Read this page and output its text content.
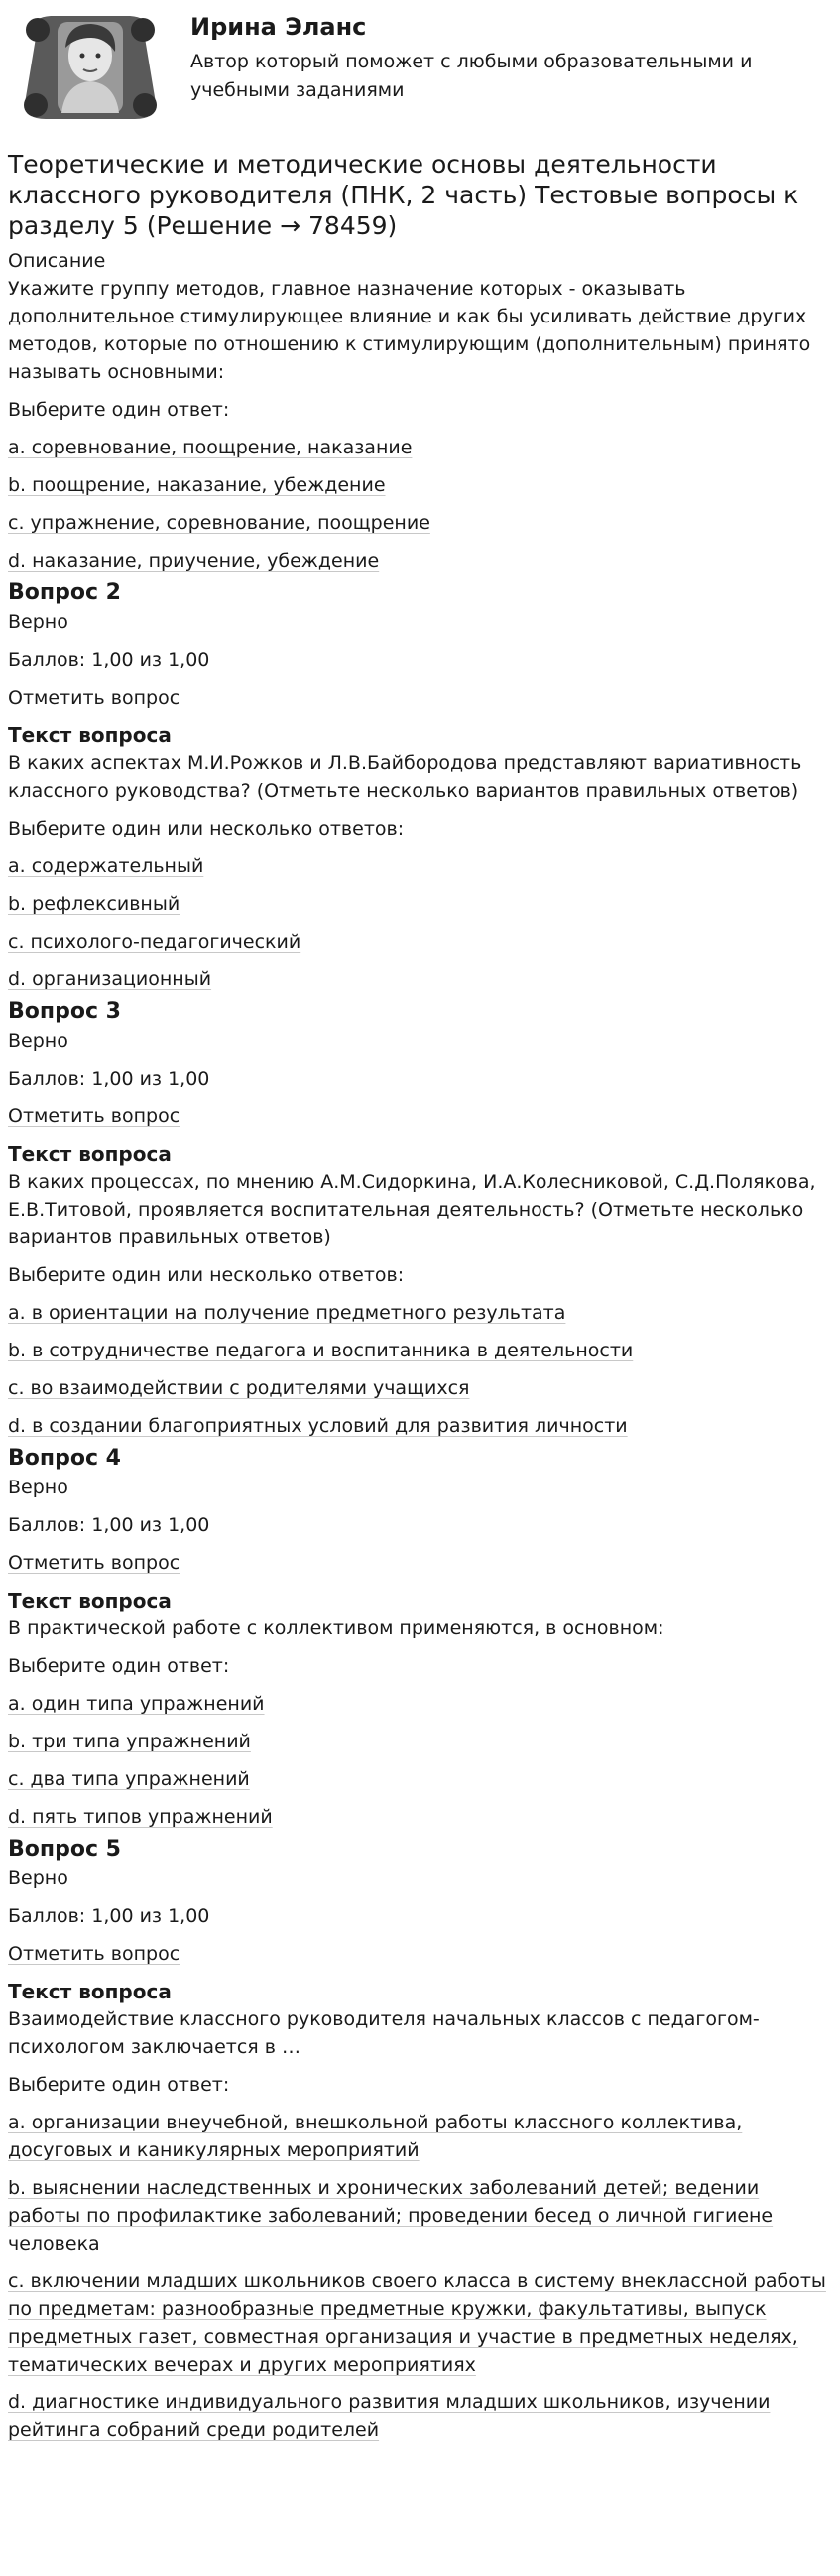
Ирина Эланс
Автор который поможет с любыми образовательными и учебными заданиями
Теоретические и методические основы деятельности классного руководителя (ПНК, 2 часть) Тестовые вопросы к разделу 5 (Решение → 78459)
Описание
Укажите группу методов, главное назначение которых - оказывать дополнительное стимулирующее влияние и как бы усиливать действие других методов, которые по отношению к стимулирующим (дополнительным) принято называть основными:
Выберите один ответ:
a. соревнование, поощрение, наказание
b. поощрение, наказание, убеждение
c. упражнение, соревнование, поощрение
d. наказание, приучение, убеждение
Вопрос 2
Верно
Баллов: 1,00 из 1,00
Отметить вопрос
Текст вопроса
В каких аспектах М.И.Рожков и Л.В.Байбородова представляют вариативность классного руководства? (Отметьте несколько вариантов правильных ответов)
Выберите один или несколько ответов:
a. содержательный
b. рефлексивный
c. психолого-педагогический
d. организационный
Вопрос 3
Верно
Баллов: 1,00 из 1,00
Отметить вопрос
Текст вопроса
В каких процессах, по мнению А.М.Сидоркина, И.А.Колесниковой, С.Д.Полякова, Е.В.Титовой, проявляется воспитательная деятельность? (Отметьте несколько вариантов правильных ответов)
Выберите один или несколько ответов:
a. в ориентации на получение предметного результата
b. в сотрудничестве педагога и воспитанника в деятельности
c. во взаимодействии с родителями учащихся
d. в создании благоприятных условий для развития личности
Вопрос 4
Верно
Баллов: 1,00 из 1,00
Отметить вопрос
Текст вопроса
В практической работе с коллективом применяются, в основном:
Выберите один ответ:
a. один типа упражнений
b. три типа упражнений
c. два типа упражнений
d. пять типов упражнений
Вопрос 5
Верно
Баллов: 1,00 из 1,00
Отметить вопрос
Текст вопроса
Взаимодействие классного руководителя начальных классов с педагогом-психологом заключается в …
Выберите один ответ:
a. организации внеучебной, внешкольной работы классного коллектива, досуговых и каникулярных мероприятий
b. выяснении наследственных и хронических заболеваний детей; ведении работы по профилактике заболеваний; проведении бесед о личной гигиене человека
c. включении младших школьников своего класса в систему внеклассной работы по предметам: разнообразные предметные кружки, факультативы, выпуск предметных газет, совместная организация и участие в предметных неделях, тематических вечерах и других мероприятиях
d. диагностике индивидуального развития младших школьников, изучении рейтинга собраний среди родителей
